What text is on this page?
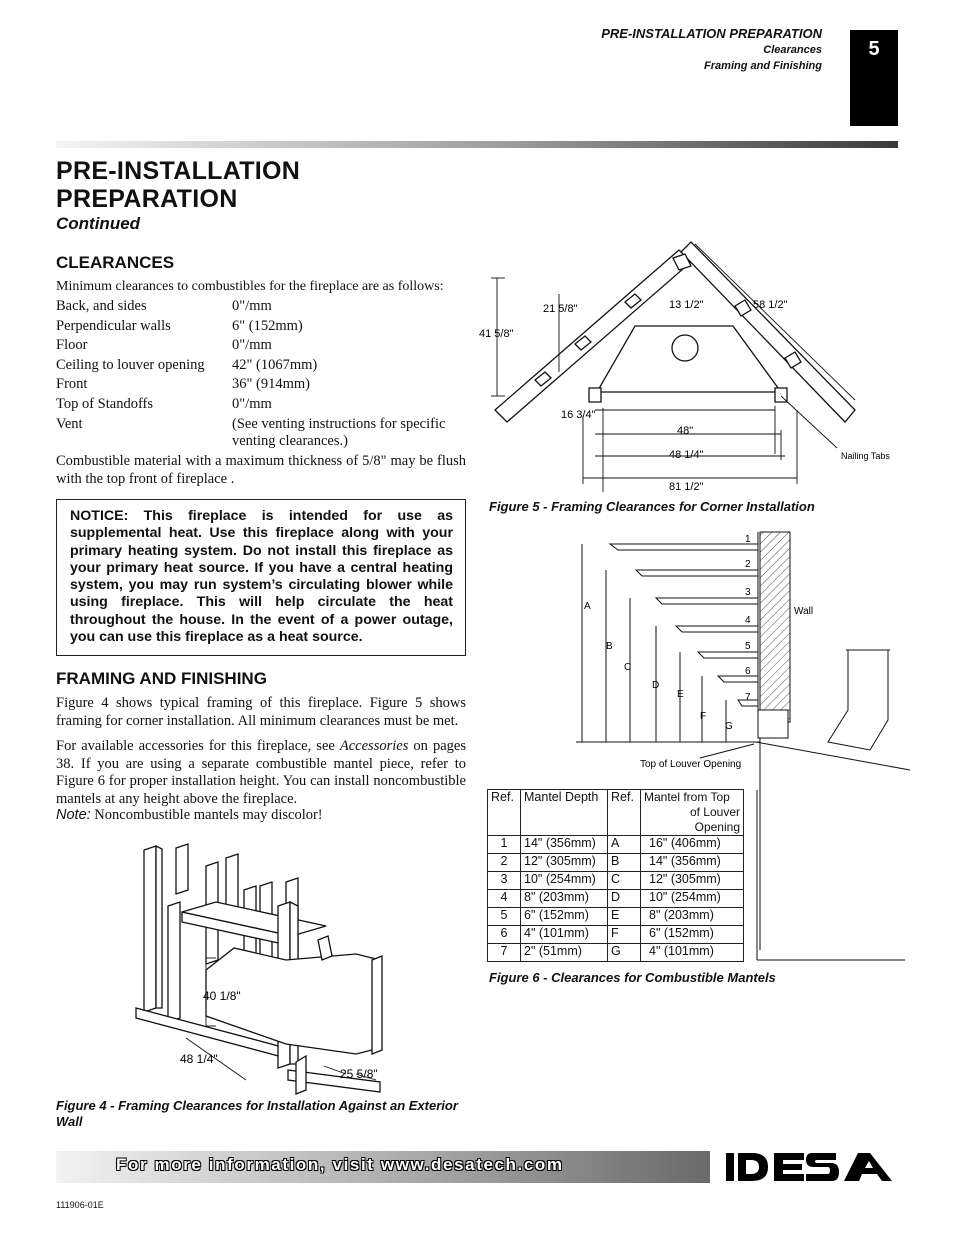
PRE-INSTALLATION PREPARATION
Clearances
Framing and Finishing
5
PRE-INSTALLATION
PREPARATION
Continued
CLEARANCES
Minimum clearances to combustibles for the fireplace are as follows:
Back, and sides	0"/mm
Perpendicular walls	6" (152mm)
Floor	0"/mm
Ceiling to louver opening 42" (1067mm)
Front	36" (914mm)
Top of Standoffs	0"/mm
Vent	(See venting instructions for specific venting clearances.)
Combustible material with a maximum thickness of 5/8" may be flush with the top front of fireplace .
NOTICE: This fireplace is intended for use as supplemental heat. Use this fireplace along with your primary heating system. Do not install this fireplace as your primary heat source. If you have a central heating system, you may run system’s circulating blower while using fireplace. This will help circulate the heat throughout the house. In the event of a power outage, you can use this fireplace as a heat source.
FRAMING AND FINISHING
Figure 4 shows typical framing of this fireplace. Figure 5 shows framing for corner installation. All minimum clearances must be met.
For available accessories for this fireplace, see Accessories on pages 38. If you are using a separate combustible mantel piece, refer to Figure 6 for proper installation height. You can install noncombustible mantels at any height above the fireplace.
Note: Noncombustible mantels may discolor!
40 1/8"
48 1/4"
25 5/8"
Figure 4 - Framing Clearances for Installation Against an Exterior Wall
21 5/8"	13 1/2"	58 1/2"
41 5/8"
16 3/4"
48"
48 1/4"
81 1/2"
Nailing Tabs
Figure 5 - Framing Clearances for Corner Installation
1
2
3
4
5
6
7
A
B
C
D
E
F
G
Wall
Top of Louver Opening
Ref.	Mantel Depth	Ref.	Mantel from Top
of Louver Opening

1	14" (356mm)	A	16" (406mm)
2	12" (305mm)	B	14" (356mm)
3	10" (254mm)	C	12" (305mm)
4	8" (203mm)	D	10" (254mm)
5	6" (152mm)	E	8" (203mm)
6	4" (101mm)	F	6" (152mm)
7	2" (51mm)	G	4" (101mm)
Figure 6 - Clearances for Combustible Mantels
For more information, visit www.desatech.com
DESA
111906-01E
